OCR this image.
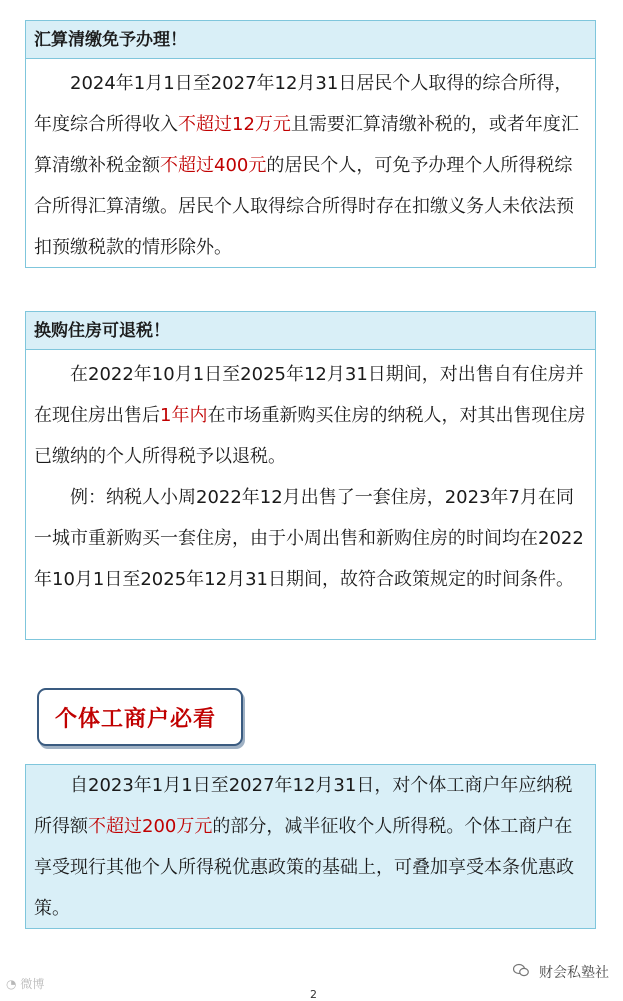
汇算清缴免予办理！

2024年1月1日至2027年12月31日居民个人取得的综合所得，年度综合所得收入不超过12万元且需要汇算清缴补税的，或者年度汇算清缴补税金额不超过400元的居民个人，可免予办理个人所得税综合所得汇算清缴。居民个人取得综合所得时存在扣缴义务人未依法预扣预缴税款的情形除外。

换购住房可退税！

在2022年10月1日至2025年12月31日期间，对出售自有住房并在现住房出售后1年内在市场重新购买住房的纳税人，对其出售现住房已缴纳的个人所得税予以退税。

例：纳税人小周2022年12月出售了一套住房，2023年7月在同一城市重新购买一套住房，由于小周出售和新购住房的时间均在2022年10月1日至2025年12月31日期间，故符合政策规定的时间条件。

个体工商户必看

自2023年1月1日至2027年12月31日，对个体工商户年应纳税所得额不超过200万元的部分，减半征收个人所得税。个体工商户在享受现行其他个人所得税优惠政策的基础上，可叠加享受本条优惠政策。

◔ 微博
财会私塾社
2
